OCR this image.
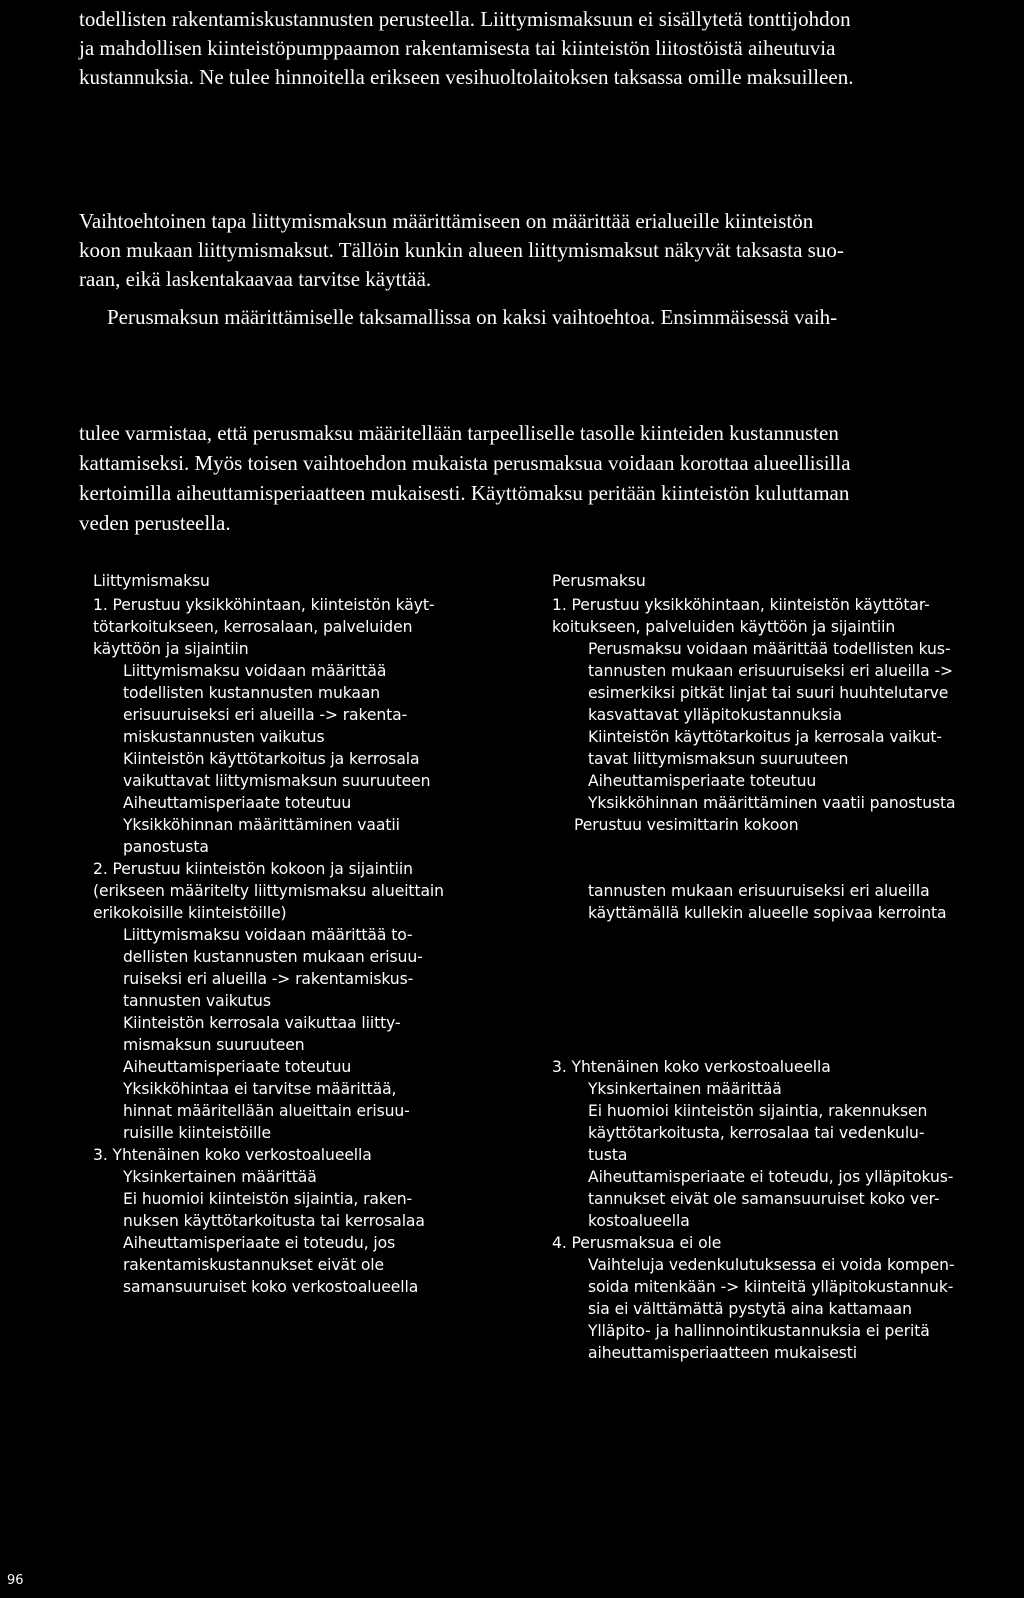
todellisten rakentamiskustannusten perusteella. Liittymismaksuun ei sisällytetä tonttijohdon
ja mahdollisen kiinteistöpumppaamon rakentamisesta tai kiinteistön liitostöistä aiheutuvia
kustannuksia. Ne tulee hinnoitella erikseen vesihuoltolaitoksen taksassa omille maksuilleen.
Vaihtoehtoinen tapa liittymismaksun määrittämiseen on määrittää erialueille kiinteistön
koon mukaan liittymismaksut. Tällöin kunkin alueen liittymismaksut näkyvät taksasta suo-
raan, eikä laskentakaavaa tarvitse käyttää.
Perusmaksun määrittämiselle taksamallissa on kaksi vaihtoehtoa. Ensimmäisessä vaih-
tulee varmistaa, että perusmaksu määritellään tarpeelliselle tasolle kiinteiden kustannusten
kattamiseksi. Myös toisen vaihtoehdon mukaista perusmaksua voidaan korottaa alueellisilla
kertoimilla aiheuttamisperiaatteen mukaisesti. Käyttömaksu peritään kiinteistön kuluttaman
veden perusteella.
Liittymismaksu
1. Perustuu yksikköhintaan, kiinteistön käyt-
tötarkoitukseen, kerrosalaan, palveluiden
käyttöön ja sijaintiin
Liittymismaksu voidaan määrittää
todellisten kustannusten mukaan
erisuuruiseksi eri alueilla -> rakenta-
miskustannusten vaikutus
Kiinteistön käyttötarkoitus ja kerrosala
vaikuttavat liittymismaksun suuruuteen
Aiheuttamisperiaate toteutuu
Yksikköhinnan määrittäminen vaatii
panostusta
2. Perustuu kiinteistön kokoon ja sijaintiin
(erikseen määritelty liittymismaksu alueittain
erikokoisille kiinteistöille)
Liittymismaksu voidaan määrittää to-
dellisten kustannusten mukaan erisuu-
ruiseksi eri alueilla -> rakentamiskus-
tannusten vaikutus
Kiinteistön kerrosala vaikuttaa liitty-
mismaksun suuruuteen
Aiheuttamisperiaate toteutuu
Yksikköhintaa ei tarvitse määrittää,
hinnat määritellään alueittain erisuu-
ruisille kiinteistöille
3. Yhtenäinen koko verkostoalueella
Yksinkertainen määrittää
Ei huomioi kiinteistön sijaintia, raken-
nuksen käyttötarkoitusta tai kerrosalaa
Aiheuttamisperiaate ei toteudu, jos
rakentamiskustannukset eivät ole
samansuuruiset koko verkostoalueella
Perusmaksu
1. Perustuu yksikköhintaan, kiinteistön käyttötar-
koitukseen, palveluiden käyttöön ja sijaintiin
Perusmaksu voidaan määrittää todellisten kus-
tannusten mukaan erisuuruiseksi eri alueilla ->
esimerkiksi pitkät linjat tai suuri huuhtelutarve
kasvattavat ylläpitokustannuksia
Kiinteistön käyttötarkoitus ja kerrosala vaikut-
tavat liittymismaksun suuruuteen
Aiheuttamisperiaate toteutuu
Yksikköhinnan määrittäminen vaatii panostusta
Perustuu vesimittarin kokoon
tannusten mukaan erisuuruiseksi eri alueilla
käyttämällä kullekin alueelle sopivaa kerrointa
3. Yhtenäinen koko verkostoalueella
Yksinkertainen määrittää
Ei huomioi kiinteistön sijaintia, rakennuksen
käyttötarkoitusta, kerrosalaa tai vedenkulu-
tusta
Aiheuttamisperiaate ei toteudu, jos ylläpitokus-
tannukset eivät ole samansuuruiset koko ver-
kostoalueella
4. Perusmaksua ei ole
Vaihteluja vedenkulutuksessa ei voida kompen-
soida mitenkään -> kiinteitä ylläpitokustannuk-
sia ei välttämättä pystytä aina kattamaan
Ylläpito- ja hallinnointikustannuksia ei peritä
aiheuttamisperiaatteen mukaisesti
96
